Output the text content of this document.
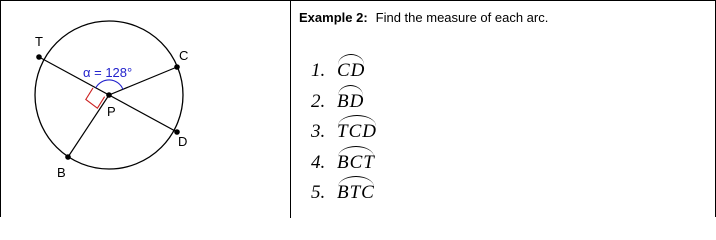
T
C
P
D
B
α = 128°
Example 2: Find the measure of each arc.
1. CD
2. BD
3. TCD
4. BCT
5. BTC
